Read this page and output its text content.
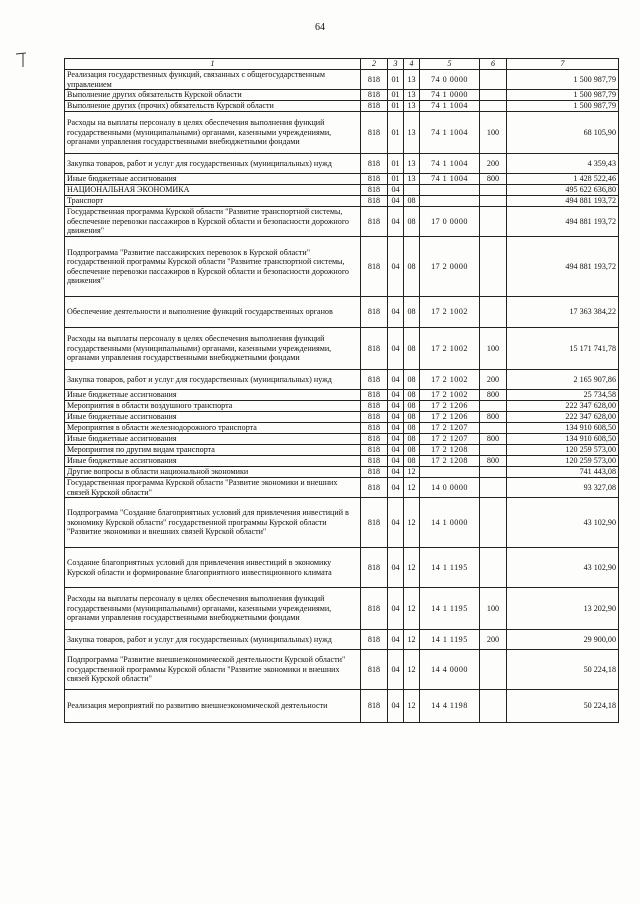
64
1	2	3	4	5	6	7
Реализация государственных функций, связанных с общегосударственным управлением	818	01	13	74 0 0000		1 500 987,79
Выполнение других обязательств Курской области	818	01	13	74 1 0000		1 500 987,79
Выполнение других (прочих) обязательств Курской области	818	01	13	74 1 1004		1 500 987,79
Расходы на выплаты персоналу в целях обеспечения выполнения функций государственными (муниципальными) органами, казенными учреждениями, органами управления государственными внебюджетными фондами	818	01	13	74 1 1004	100	68 105,90
Закупка товаров, работ и услуг для государственных (муниципальных) нужд	818	01	13	74 1 1004	200	4 359,43
Иные бюджетные ассигнования	818	01	13	74 1 1004	800	1 428 522,46
НАЦИОНАЛЬНАЯ ЭКОНОМИКА	818	04				495 622 636,80
Транспорт	818	04	08			494 881 193,72
Государственная программа Курской области "Развитие транспортной системы, обеспечение перевозки пассажиров в Курской области и безопасности дорожного движения"	818	04	08	17 0 0000		494 881 193,72
Подпрограмма "Развитие пассажирских перевозок в Курской области" государственной программы Курской области "Развитие транспортной системы, обеспечение перевозки пассажиров в Курской области и безопасности дорожного движения"	818	04	08	17 2 0000		494 881 193,72
Обеспечение деятельности и выполнение функций государственных органов	818	04	08	17 2 1002		17 363 384,22
Расходы на выплаты персоналу в целях обеспечения выполнения функций государственными (муниципальными) органами, казенными учреждениями, органами управления государственными внебюджетными фондами	818	04	08	17 2 1002	100	15 171 741,78
Закупка товаров, работ и услуг для государственных (муниципальных) нужд	818	04	08	17 2 1002	200	2 165 907,86
Иные бюджетные ассигнования	818	04	08	17 2 1002	800	25 734,58
Мероприятия в области воздушного транспорта	818	04	08	17 2 1206		222 347 628,00
Иные бюджетные ассигнования	818	04	08	17 2 1206	800	222 347 628,00
Мероприятия в области железнодорожного транспорта	818	04	08	17 2 1207		134 910 608,50
Иные бюджетные ассигнования	818	04	08	17 2 1207	800	134 910 608,50
Мероприятия по другим видам транспорта	818	04	08	17 2 1208		120 259 573,00
Иные бюджетные ассигнования	818	04	08	17 2 1208	800	120 259 573,00
Другие вопросы в области национальной экономики	818	04	12			741 443,08
Государственная программа Курской области "Развитие экономики и внешних связей Курской области"	818	04	12	14 0 0000		93 327,08
Подпрограмма "Создание благоприятных условий для привлечения инвестиций в экономику Курской области" государственной программы Курской области "Развитие экономики и внешних связей Курской области"	818	04	12	14 1 0000		43 102,90
Создание благоприятных условий для привлечения инвестиций в экономику Курской области и формирование благоприятного инвестиционного климата	818	04	12	14 1 1195		43 102,90
Расходы на выплаты персоналу в целях обеспечения выполнения функций государственными (муниципальными) органами, казенными учреждениями, органами управления государственными внебюджетными фондами	818	04	12	14 1 1195	100	13 202,90
Закупка товаров, работ и услуг для государственных (муниципальных) нужд	818	04	12	14 1 1195	200	29 900,00
Подпрограмма "Развитие внешнеэкономической деятельности Курской области" государственной программы Курской области "Развитие экономики и внешних связей Курской области"	818	04	12	14 4 0000		50 224,18
Реализация мероприятий по развитию внешнеэкономической деятельности	818	04	12	14 4 1198		50 224,18
